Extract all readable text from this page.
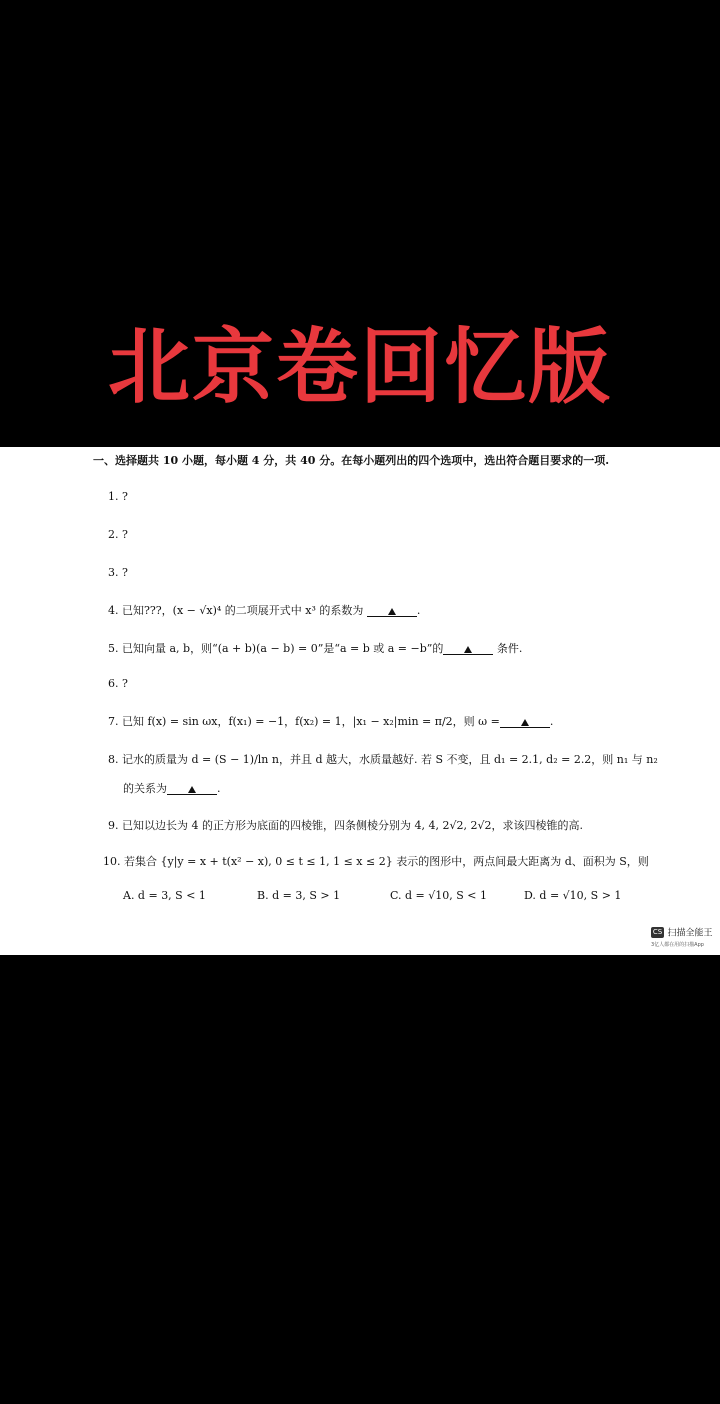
北京卷回忆版
一、选择题共 10 小题，每小题 4 分，共 40 分。在每小题列出的四个选项中，选出符合题目要求的一项.
1. ?
2. ?
3. ?
4. 已知???，(x − √x)⁴ 的二项展开式中 x³ 的系数为	.
5. 已知向量 a, b，则“(a + b)(a − b) = 0”是“a = b 或 a = −b”的	条件.
6. ?
7. 已知 f(x) = sin ωx，f(x₁) = −1，f(x₂) = 1，|x₁ − x₂|min = π/2，则 ω =	.
8. 记水的质量为 d = (S − 1)/ln n，并且 d 越大，水质量越好. 若 S 不变，且 d₁ = 2.1, d₂ = 2.2，则 n₁ 与 n₂
的关系为	.
9. 已知以边长为 4 的正方形为底面的四棱锥，四条侧棱分别为 4, 4, 2√2, 2√2，求该四棱锥的高.
10. 若集合 {y|y = x + t(x² − x), 0 ≤ t ≤ 1, 1 ≤ x ≤ 2} 表示的图形中，两点间最大距离为 d、面积为 S，则
A. d = 3, S < 1	B. d = 3, S > 1	C. d = √10, S < 1	D. d = √10, S > 1
CS 扫描全能王
3亿人都在用的扫描App
